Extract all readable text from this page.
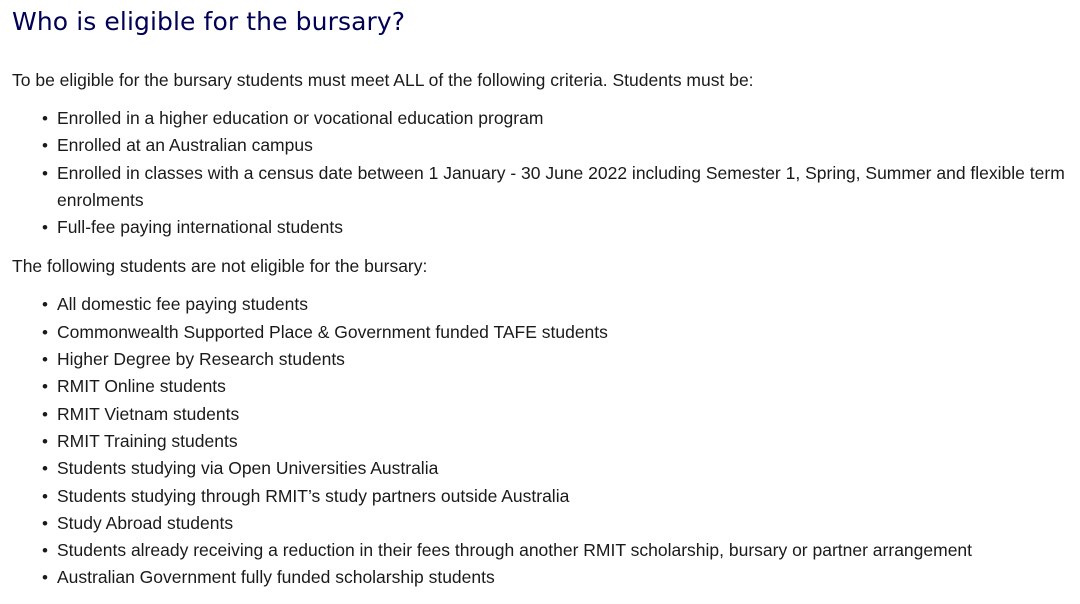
Who is eligible for the bursary?

To be eligible for the bursary students must meet ALL of the following criteria. Students must be:

• Enrolled in a higher education or vocational education program
• Enrolled at an Australian campus
• Enrolled in classes with a census date between 1 January - 30 June 2022 including Semester 1, Spring, Summer and flexible term enrolments
• Full-fee paying international students

The following students are not eligible for the bursary:

• All domestic fee paying students
• Commonwealth Supported Place & Government funded TAFE students
• Higher Degree by Research students
• RMIT Online students
• RMIT Vietnam students
• RMIT Training students
• Students studying via Open Universities Australia
• Students studying through RMIT’s study partners outside Australia
• Study Abroad students
• Students already receiving a reduction in their fees through another RMIT scholarship, bursary or partner arrangement
• Australian Government fully funded scholarship students
